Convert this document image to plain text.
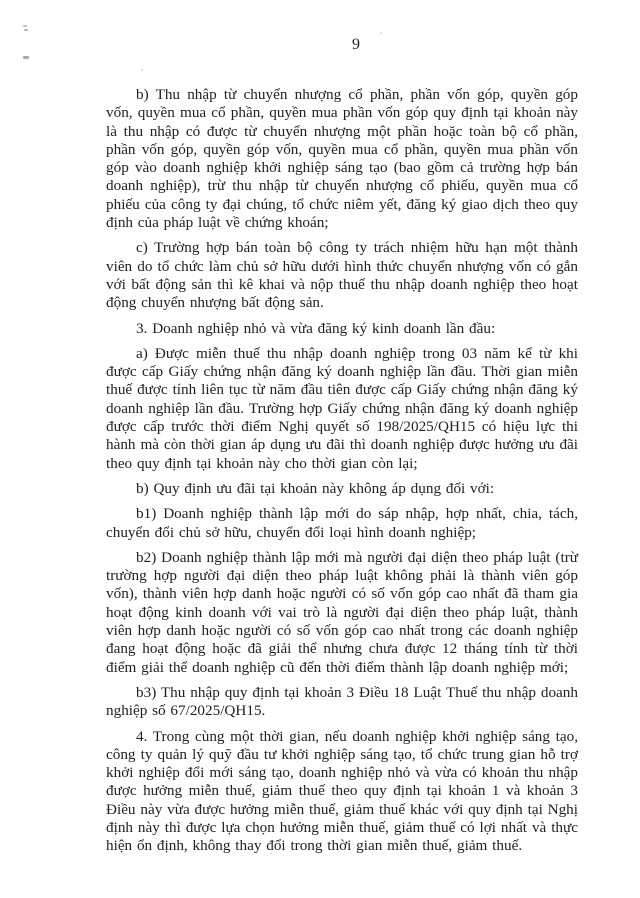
9

b) Thu nhập từ chuyển nhượng cổ phần, phần vốn góp, quyền góp vốn, quyền mua cổ phần, quyền mua phần vốn góp quy định tại khoản này là thu nhập có được từ chuyển nhượng một phần hoặc toàn bộ cổ phần, phần vốn góp, quyền góp vốn, quyền mua cổ phần, quyền mua phần vốn góp vào doanh nghiệp khởi nghiệp sáng tạo (bao gồm cả trường hợp bán doanh nghiệp), trừ thu nhập từ chuyển nhượng cổ phiếu, quyền mua cổ phiếu của công ty đại chúng, tổ chức niêm yết, đăng ký giao dịch theo quy định của pháp luật về chứng khoán;

c) Trường hợp bán toàn bộ công ty trách nhiệm hữu hạn một thành viên do tổ chức làm chủ sở hữu dưới hình thức chuyển nhượng vốn có gắn với bất động sản thì kê khai và nộp thuế thu nhập doanh nghiệp theo hoạt động chuyển nhượng bất động sản.

3. Doanh nghiệp nhỏ và vừa đăng ký kinh doanh lần đầu:

a) Được miễn thuế thu nhập doanh nghiệp trong 03 năm kể từ khi được cấp Giấy chứng nhận đăng ký doanh nghiệp lần đầu. Thời gian miễn thuế được tính liên tục từ năm đầu tiên được cấp Giấy chứng nhận đăng ký doanh nghiệp lần đầu. Trường hợp Giấy chứng nhận đăng ký doanh nghiệp được cấp trước thời điểm Nghị quyết số 198/2025/QH15 có hiệu lực thi hành mà còn thời gian áp dụng ưu đãi thì doanh nghiệp được hưởng ưu đãi theo quy định tại khoản này cho thời gian còn lại;

b) Quy định ưu đãi tại khoản này không áp dụng đối với:

b1) Doanh nghiệp thành lập mới do sáp nhập, hợp nhất, chia, tách, chuyển đổi chủ sở hữu, chuyển đổi loại hình doanh nghiệp;

b2) Doanh nghiệp thành lập mới mà người đại diện theo pháp luật (trừ trường hợp người đại diện theo pháp luật không phải là thành viên góp vốn), thành viên hợp danh hoặc người có số vốn góp cao nhất đã tham gia hoạt động kinh doanh với vai trò là người đại diện theo pháp luật, thành viên hợp danh hoặc người có số vốn góp cao nhất trong các doanh nghiệp đang hoạt động hoặc đã giải thể nhưng chưa được 12 tháng tính từ thời điểm giải thể doanh nghiệp cũ đến thời điểm thành lập doanh nghiệp mới;

b3) Thu nhập quy định tại khoản 3 Điều 18 Luật Thuế thu nhập doanh nghiệp số 67/2025/QH15.

4. Trong cùng một thời gian, nếu doanh nghiệp khởi nghiệp sáng tạo, công ty quản lý quỹ đầu tư khởi nghiệp sáng tạo, tổ chức trung gian hỗ trợ khởi nghiệp đổi mới sáng tạo, doanh nghiệp nhỏ và vừa có khoản thu nhập được hưởng miễn thuế, giảm thuế theo quy định tại khoản 1 và khoản 3 Điều này vừa được hưởng miễn thuế, giảm thuế khác với quy định tại Nghị định này thì được lựa chọn hưởng miễn thuế, giảm thuế có lợi nhất và thực hiện ổn định, không thay đổi trong thời gian miễn thuế, giảm thuế.
